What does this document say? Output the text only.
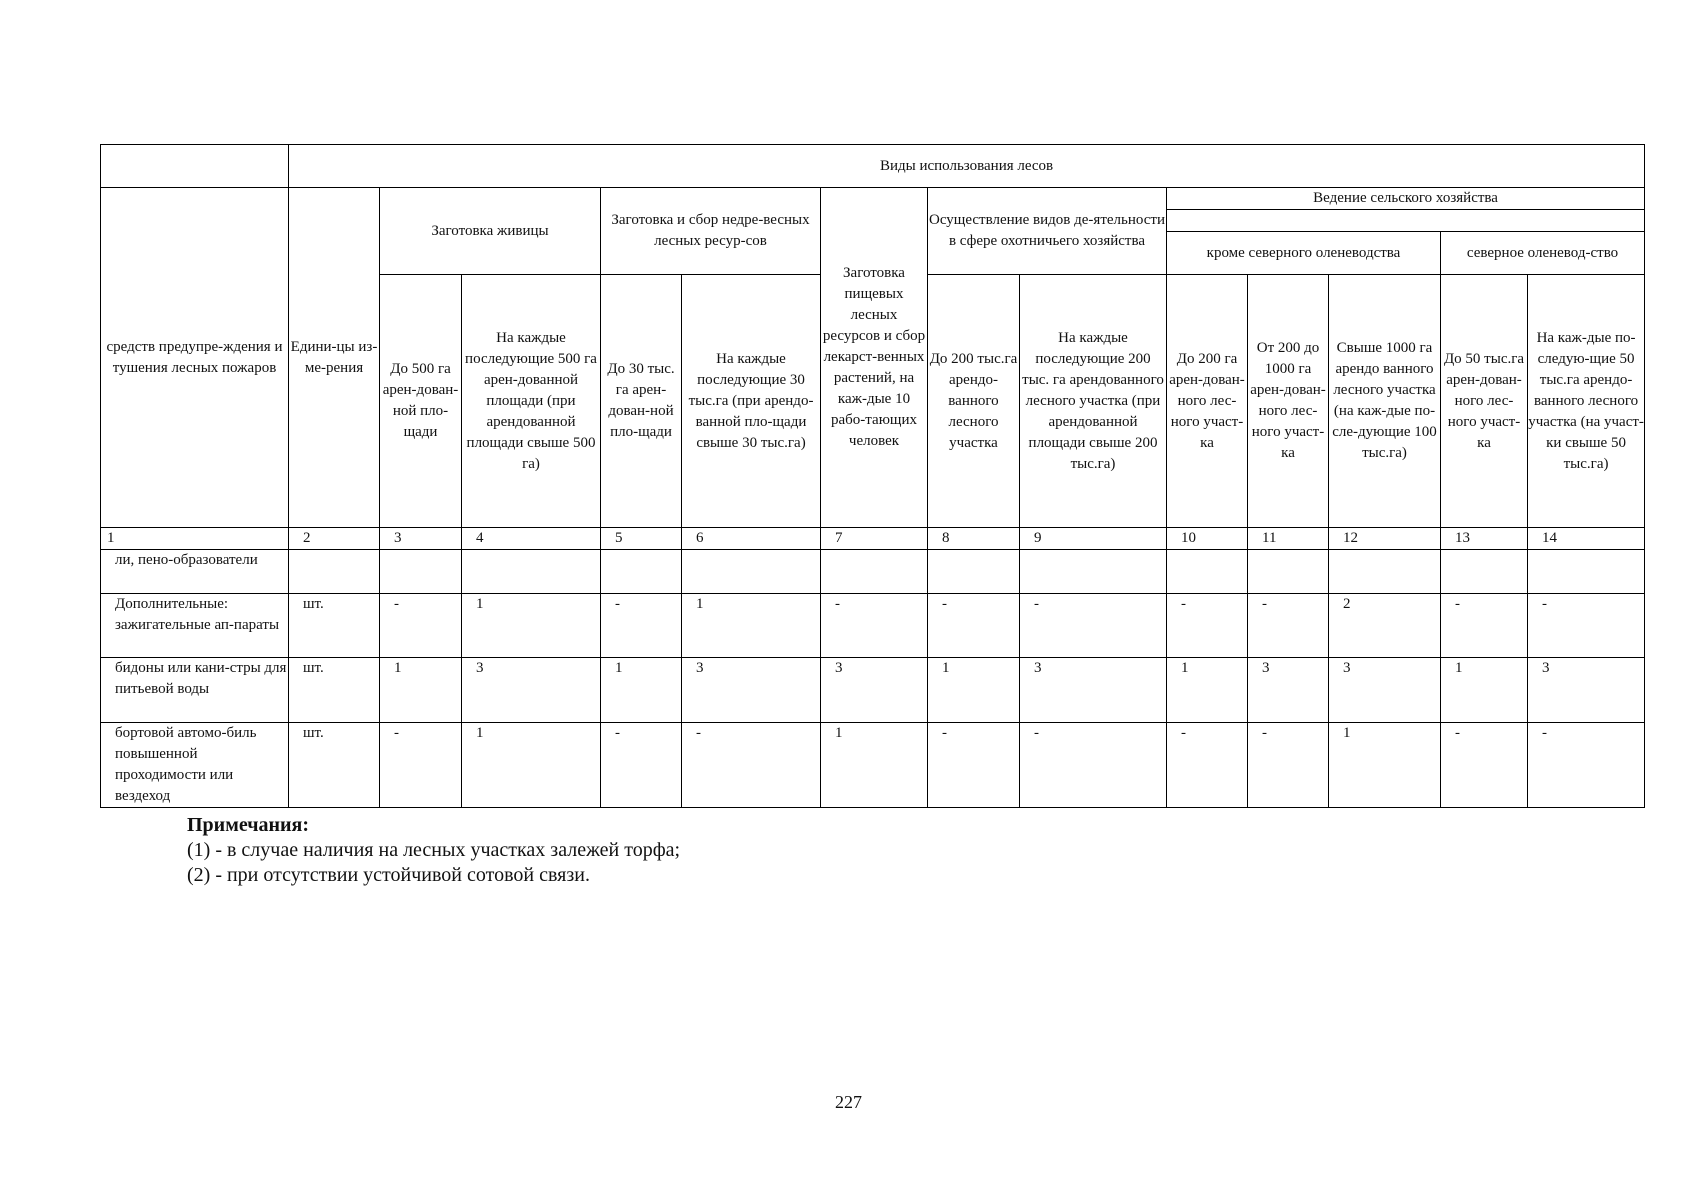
	Виды использования лесов												
средств предупре-ждения и тушения лесных пожаров	Едини-цы из-ме-рения	Заготовка живицы		Заготовка и сбор недре-весных лесных ресур-сов		Заготовка пищевых лесных ресурсов и сбор лекарст-венных растений, на каж-дые 10 рабо-тающих человек	Осуществление видов де-ятельности в сфере охотничьего хозяйства		Ведение сельского хозяйства				

									кроме северного оленеводства			северное оленевод-ство	
		До 500 га арен-дован-ной пло-щади	На каждые последующие 500 га арен-дованной площади (при арендованной площади свыше 500 га)	До 30 тыс. га арен-дован-ной пло-щади	На каждые последующие 30 тыс.га (при арендо-ванной пло-щади свыше 30 тыс.га)		До 200 тыс.га арендо-ванного лесного участка	На каждые последующие 200 тыс. га арендованного лесного участка (при арендованной площади свыше 200 тыс.га)	До 200 га арен-дован-ного лес-ного участ-ка	От 200 до 1000 га арен-дован-ного лес-ного участ-ка	Свыше 1000 га арендо ванного лесного участка (на каж-дые по-сле-дующие 100 тыс.га)	До 50 тыс.га арен-дован-ного лес-ного участ-ка	На каж-дые по-следую-щие 50 тыс.га арендо-ванного лесного участка (на участ-ки свыше 50 тыс.га)
1	2	3	4	5	6	7	8	9	10	11	12	13	14
ли, пено-образователи													
Дополнительные: зажигательные ап-параты	шт.	-	1	-	1	-	-	-	-	-	2	-	-
бидоны или кани-стры для питьевой воды	шт.	1	3	1	3	3	1	3	1	3	3	1	3
бортовой автомо-биль повышенной проходимости или вездеход	шт.	-	1	-	-	1	-	-	-	-	1	-	-
Примечания:
(1) - в случае наличия на лесных участках залежей торфа;
(2) - при отсутствии устойчивой сотовой связи.
227
